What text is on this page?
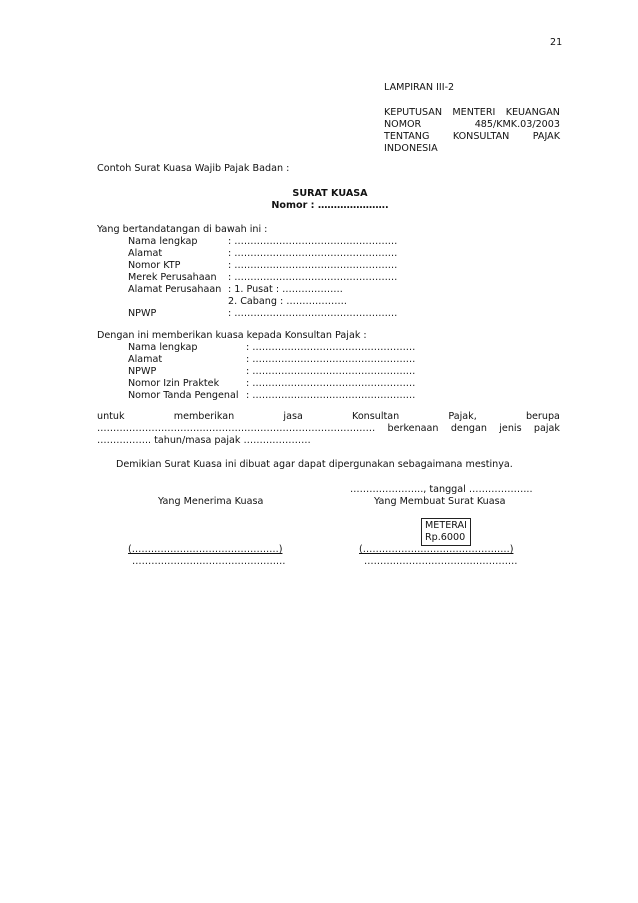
21
LAMPIRAN III-2
KEPUTUSAN MENTERI KEUANGAN
NOMOR	485/KMK.03/2003
TENTANG KONSULTAN PAJAK
INDONESIA
Contoh Surat Kuasa Wajib Pajak Badan :
SURAT KUASA
Nomor : ………………….
Yang bertandatangan di bawah ini :
Nama lengkap	: ……………………………………………
Alamat	: ……………………………………………
Nomor KTP	: ……………………………………………
Merek Perusahaan : ……………………………………………
Alamat Perusahaan : 1. Pusat : ……………….
2. Cabang : ……………….
NPWP	: ……………………………………………
Dengan ini memberikan kuasa kepada Konsultan Pajak :
Nama lengkap	: ……………………………………………
Alamat	: ……………………………………………
NPWP	: ……………………………………………
Nomor Izin Praktek	: ……………………………………………
Nomor Tanda Pengenal : ……………………………………………
untuk	memberikan	jasa	Konsultan	Pajak,	berupa
…………………………………………………………………………… berkenaan dengan jenis pajak
…………….. tahun/masa pajak …………………
Demikian Surat Kuasa ini dibuat agar dapat dipergunakan sebagaimana mestinya.
………………….., tanggal ………………..
Yang Menerima Kuasa	Yang Membuat Surat Kuasa
METERAI
Rp.6000
(……………………………………….)	(……………………………………….)
…………………………………………	…………………………………………
